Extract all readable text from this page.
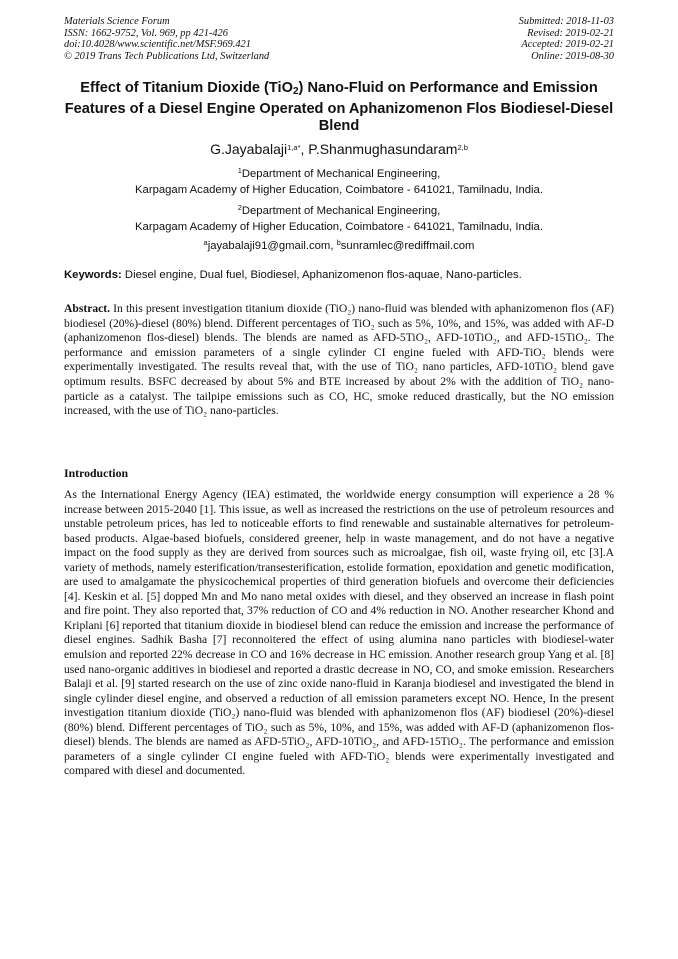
Materials Science Forum
ISSN: 1662-9752, Vol. 969, pp 421-426
doi:10.4028/www.scientific.net/MSF.969.421
© 2019 Trans Tech Publications Ltd, Switzerland
Submitted: 2018-11-03
Revised: 2019-02-21
Accepted: 2019-02-21
Online: 2019-08-30
Effect of Titanium Dioxide (TiO$_2$) Nano-Fluid on Performance and Emission Features of a Diesel Engine Operated on Aphanizomenon Flos Biodiesel-Diesel Blend
G.Jayabalaji$^{1,a*}$, P.Shanmughasundaram$^{2,b}$
$^1$Department of Mechanical Engineering,
Karpagam Academy of Higher Education, Coimbatore - 641021, Tamilnadu, India.
$^2$Department of Mechanical Engineering,
Karpagam Academy of Higher Education, Coimbatore - 641021, Tamilnadu, India.
$^a$jayabalaji91@gmail.com, $^b$sunramlec@rediffmail.com
Keywords: Diesel engine, Dual fuel, Biodiesel, Aphanizomenon flos-aquae, Nano-particles.
Abstract. In this present investigation titanium dioxide (TiO₂) nano-fluid was blended with aphanizomenon flos (AF) biodiesel (20%)-diesel (80%) blend. Different percentages of TiO₂ such as 5%, 10%, and 15%, was added with AF-D (aphanizomenon flos-diesel) blends. The blends are named as AFD-5TiO₂, AFD-10TiO₂, and AFD-15TiO₂. The performance and emission parameters of a single cylinder CI engine fueled with AFD-TiO₂ blends were experimentally investigated. The results reveal that, with the use of TiO₂ nano particles, AFD-10TiO₂ blend gave optimum results. BSFC decreased by about 5% and BTE increased by about 2% with the addition of TiO₂ nano-particle as a catalyst. The tailpipe emissions such as CO, HC, smoke reduced drastically, but the NO emission increased, with the use of TiO₂ nano-particles.
Introduction
As the International Energy Agency (IEA) estimated, the worldwide energy consumption will experience a 28 % increase between 2015-2040 [1]. This issue, as well as increased the restrictions on the use of petroleum resources and unstable petroleum prices, has led to noticeable efforts to find renewable and sustainable alternatives for petroleum-based products. Algae-based biofuels, considered greener, help in waste management, and do not have a negative impact on the food supply as they are derived from sources such as microalgae, fish oil, waste frying oil, etc [3].A variety of methods, namely esterification/transesterification, estolide formation, epoxidation and genetic modification, are used to amalgamate the physicochemical properties of third generation biofuels and overcome their deficiencies [4]. Keskin et al. [5] dopped Mn and Mo nano metal oxides with diesel, and they observed an increase in flash point and fire point. They also reported that, 37% reduction of CO and 4% reduction in NO. Another researcher Khond and Kriplani [6] reported that titanium dioxide in biodiesel blend can reduce the emission and increase the performance of diesel engines. Sadhik Basha [7] reconnoitered the effect of using alumina nano particles with biodiesel-water emulsion and reported 22% decrease in CO and 16% decrease in HC emission. Another research group Yang et al. [8] used nano-organic additives in biodiesel and reported a drastic decrease in NO, CO, and smoke emission. Researchers Balaji et al. [9] started research on the use of zinc oxide nano-fluid in Karanja biodiesel and investigated the blend in single cylinder diesel engine, and observed a reduction of all emission parameters except NO. Hence, In the present investigation titanium dioxide (TiO₂) nano-fluid was blended with aphanizomenon flos (AF) biodiesel (20%)-diesel (80%) blend. Different percentages of TiO₂ such as 5%, 10%, and 15%, was added with AF-D (aphanizomenon flos-diesel) blends. The blends are named as AFD-5TiO₂, AFD-10TiO₂, and AFD-15TiO₂. The performance and emission parameters of a single cylinder CI engine fueled with AFD-TiO₂ blends were experimentally investigated and compared with diesel and documented.
